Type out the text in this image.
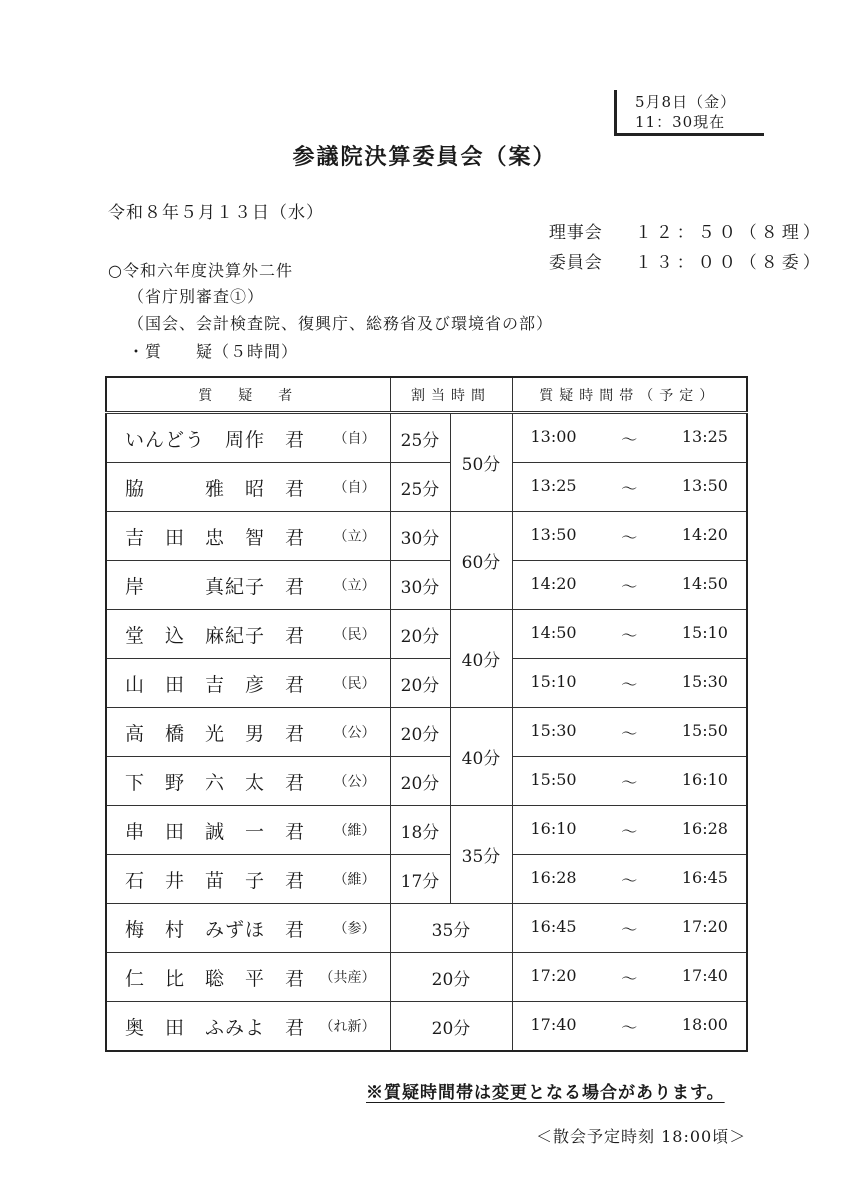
5月8日（金）
11：30現在
参議院決算委員会（案）
令和８年５月１３日（水）

理事会 １２：５０（８理）

委員会 １３：００（８委）

○令和六年度決算外二件
（省庁別審査①）
（国会、会計検査院、復興庁、総務省及び環境省の部）
・質　　疑（５時間）
質　疑　者	割当時間		質疑時間帯（予定）
いんどう　周作　君 （自）	25分	50分	13:00 ～ 13:25

脇　　　雅　昭　君 （自）	25分		13:25 ～ 13:50

吉　田　忠　智　君 （立）	30分	60分	13:50 ～ 14:20

岸　　　真紀子　君 （立）	30分		14:20 ～ 14:50

堂　込　麻紀子　君 （民）	20分	40分	14:50 ～ 15:10

山　田　吉　彦　君 （民）	20分		15:10 ～ 15:30

高　橋　光　男　君 （公）	20分	40分	15:30 ～ 15:50

下　野　六　太　君 （公）	20分		15:50 ～ 16:10

串　田　誠　一　君 （維）	18分	35分	16:10 ～ 16:28

石　井　苗　子　君 （維）	17分		16:28 ～ 16:45

梅　村　みずほ　君 （参）	35分		16:45 ～ 17:20

仁　比　聡　平　君 （共産）	20分		17:20 ～ 17:40

奥　田　ふみよ　君 （れ新）	20分		17:40 ～ 18:00
※質疑時間帯は変更となる場合があります。
＜散会予定時刻 18:00頃＞
